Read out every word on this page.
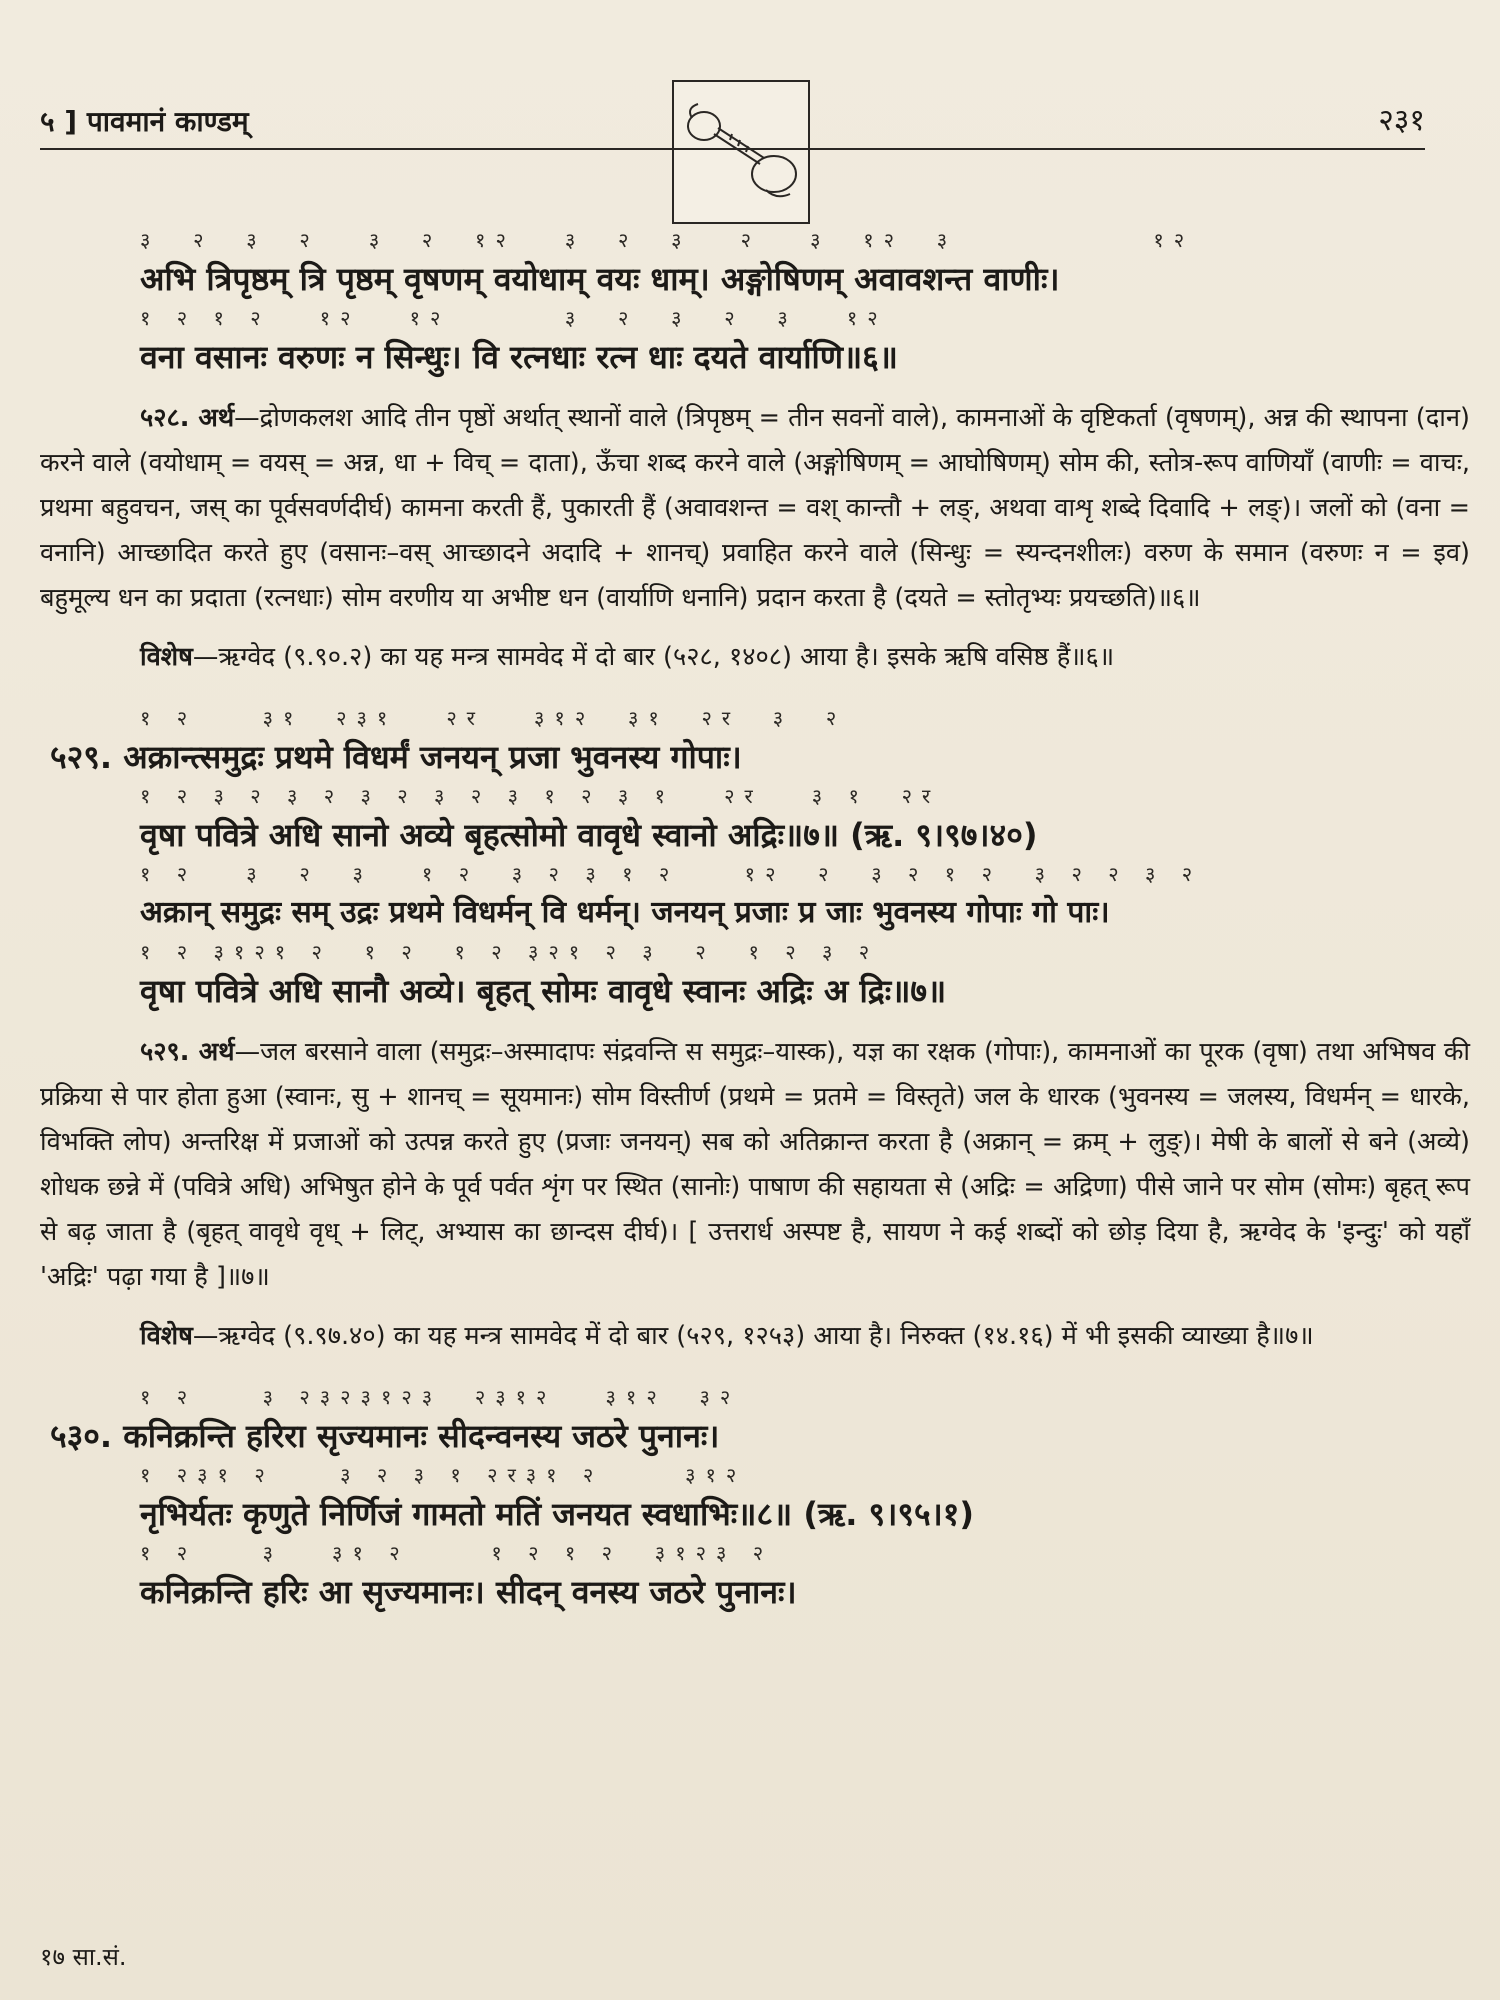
५ ] पावमानं काण्डम्	२३१
३  २  ३  २   ३  २  १२   ३  २  ३   २   ३  १२  ३            १२
अभि त्रिपृष्ठम् त्रि पृष्ठम् वृषणम् वयोधाम् वयः धाम्। अङ्गोषिणम् अवावशन्त वाणीः।
१ २ १ २   १२   १२       ३  २  ३  २  ३   १२
वना वसानः वरुणः न सिन्धुः। वि रत्नधाः रत्न धाः दयते वार्याणि॥६॥
५२८. अर्थ—द्रोणकलश आदि तीन पृष्ठों अर्थात् स्थानों वाले (त्रिपृष्ठम् = तीन सवनों वाले), कामनाओं के वृष्टिकर्ता (वृषणम्), अन्न की स्थापना (दान) करने वाले (वयोधाम् = वयस् = अन्न, धा + विच् = दाता), ऊँचा शब्द करने वाले (अङ्गोषिणम् = आघोषिणम्) सोम की, स्तोत्र-रूप वाणियाँ (वाणीः = वाचः, प्रथमा बहुवचन, जस् का पूर्वसवर्णदीर्घ) कामना करती हैं, पुकारती हैं (अवावशन्त = वश् कान्तौ + लङ्, अथवा वाशृ शब्दे दिवादि + लङ्)। जलों को (वना = वनानि) आच्छादित करते हुए (वसानः–वस् आच्छादने अदादि + शानच्) प्रवाहित करने वाले (सिन्धुः = स्यन्दनशीलः) वरुण के समान (वरुणः न = इव) बहुमूल्य धन का प्रदाता (रत्नधाः) सोम वरणीय या अभीष्ट धन (वार्याणि धनानि) प्रदान करता है (दयते = स्तोतृभ्यः प्रयच्छति)॥६॥
विशेष—ऋग्वेद (९.९०.२) का यह मन्त्र सामवेद में दो बार (५२८, १४०८) आया है। इसके ऋषि वसिष्ठ हैं॥६॥
१ २    ३१  २३१   २र   ३१२  ३१  २र  ३  २
५२९. अक्रान्त्समुद्रः प्रथमे विधर्मं जनयन् प्रजा भुवनस्य गोपाः।
१ २ ३ २ ३ २ ३ २ ३ २ ३ १ २ ३ १   २र   ३ १  २र
वृषा पवित्रे अधि सानो अव्ये बृहत्सोमो वावृधे स्वानो अद्रिः॥७॥ (ऋ. ९।९७।४०)
१ २   ३  २  ३   १ २  ३ २ ३ १ २    १२  २  ३ २ १ २  ३ २ २ ३ २
अक्रान् समुद्रः सम् उद्रः प्रथमे विधर्मन् वि धर्मन्। जनयन् प्रजाः प्र जाः भुवनस्य गोपाः गो पाः।
१ २ ३१२१ २  १ २  १ २ ३२१ २ ३  २  १ २ ३ २
वृषा पवित्रे अधि सानौ अव्ये। बृहत् सोमः वावृधे स्वानः अद्रिः अ द्रिः॥७॥
५२९. अर्थ—जल बरसाने वाला (समुद्रः–अस्मादापः संद्रवन्ति स समुद्रः–यास्क), यज्ञ का रक्षक (गोपाः), कामनाओं का पूरक (वृषा) तथा अभिषव की प्रक्रिया से पार होता हुआ (स्वानः, सु + शानच् = सूयमानः) सोम विस्तीर्ण (प्रथमे = प्रतमे = विस्तृते) जल के धारक (भुवनस्य = जलस्य, विधर्मन् = धारके, विभक्ति लोप) अन्तरिक्ष में प्रजाओं को उत्पन्न करते हुए (प्रजाः जनयन्) सब को अतिक्रान्त करता है (अक्रान् = क्रम् + लुङ्)। मेषी के बालों से बने (अव्ये) शोधक छन्ने में (पवित्रे अधि) अभिषुत होने के पूर्व पर्वत शृंग पर स्थित (सानोः) पाषाण की सहायता से (अद्रिः = अद्रिणा) पीसे जाने पर सोम (सोमः) बृहत् रूप से बढ़ जाता है (बृहत् वावृधे वृध् + लिट्, अभ्यास का छान्दस दीर्घ)। [ उत्तरार्ध अस्पष्ट है, सायण ने कई शब्दों को छोड़ दिया है, ऋग्वेद के 'इन्दुः' को यहाँ 'अद्रिः' पढ़ा गया है ]॥७॥
विशेष—ऋग्वेद (९.९७.४०) का यह मन्त्र सामवेद में दो बार (५२९, १२५३) आया है। निरुक्त (१४.१६) में भी इसकी व्याख्या है॥७॥
१ २    ३ २३२३१२३  २३१२   ३१२  ३२
५३०. कनिक्रन्ति हरिरा सृज्यमानः सीदन्वनस्य जठरे पुनानः।
१ २३१ २    ३ २ ३ १ २र३१ २     ३१२
नृभिर्यतः कृणुते निर्णिजं गामतो मतिं जनयत स्वधाभिः॥८॥ (ऋ. ९।९५।१)
१ २    ३   ३१ २     १ २ १ २  ३१२३ २
कनिक्रन्ति हरिः आ सृज्यमानः। सीदन् वनस्य जठरे पुनानः।
१७ सा.सं.
